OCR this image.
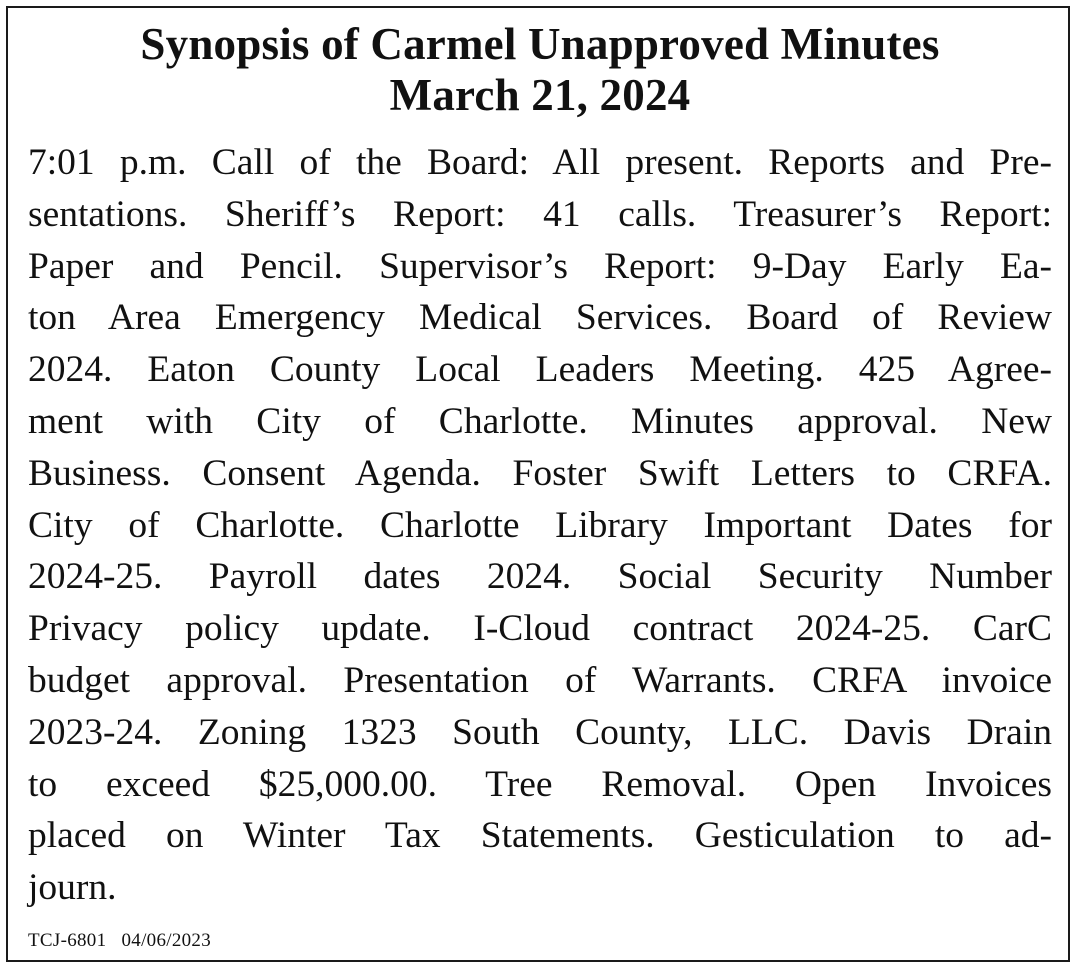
Synopsis of Carmel Unapproved Minutes
March 21, 2024
7:01 p.m. Call of the Board: All present. Reports and Pre-
sentations. Sheriff’s Report: 41 calls. Treasurer’s Report:
Paper and Pencil. Supervisor’s Report: 9-Day Early Ea-
ton Area Emergency Medical Services. Board of Review
2024. Eaton County Local Leaders Meeting. 425 Agree-
ment with City of Charlotte. Minutes approval. New
Business. Consent Agenda. Foster Swift Letters to CRFA.
City of Charlotte. Charlotte Library Important Dates for
2024-25. Payroll dates 2024. Social Security Number
Privacy policy update. I-Cloud contract 2024-25. CarC
budget approval. Presentation of Warrants. CRFA invoice
2023-24. Zoning 1323 South County, LLC. Davis Drain
to exceed $25,000.00. Tree Removal. Open Invoices
placed on Winter Tax Statements. Gesticulation to ad-
journ.
TCJ-6801 04/06/2023
